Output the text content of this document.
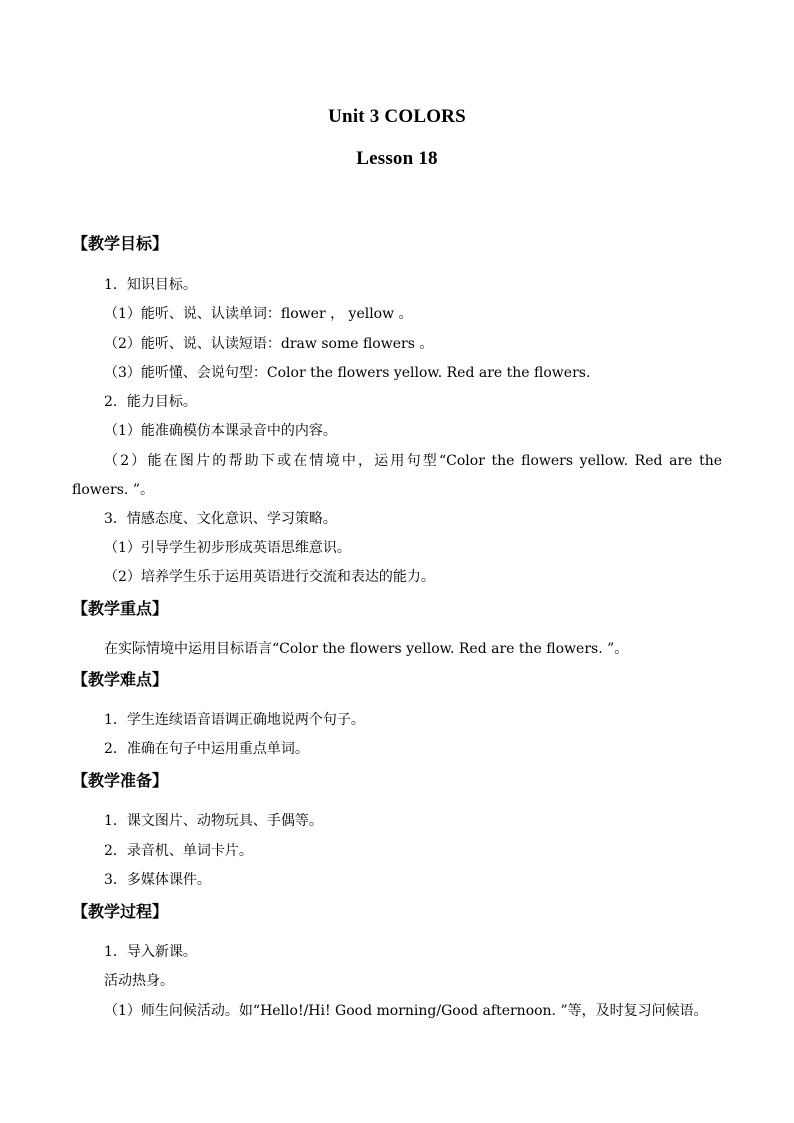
Unit 3 COLORS
Lesson 18
【教学目标】
1．知识目标。
（1）能听、说、认读单词：flower ， yellow 。
（2）能听、说、认读短语：draw some flowers 。
（3）能听懂、会说句型：Color the flowers yellow. Red are the flowers.
2．能力目标。
（1）能准确模仿本课录音中的内容。
（2）能在图片的帮助下或在情境中，运用句型“Color the flowers yellow. Red are the
flowers. ”。
3．情感态度、文化意识、学习策略。
（1）引导学生初步形成英语思维意识。
（2）培养学生乐于运用英语进行交流和表达的能力。
【教学重点】
在实际情境中运用目标语言“Color the flowers yellow. Red are the flowers. ”。
【教学难点】
1．学生连续语音语调正确地说两个句子。
2．准确在句子中运用重点单词。
【教学准备】
1．课文图片、动物玩具、手偶等。
2．录音机、单词卡片。
3．多媒体课件。
【教学过程】
1．导入新课。
活动热身。
（1）师生问候活动。如“Hello!/Hi! Good morning/Good afternoon. ”等，及时复习问候语。
